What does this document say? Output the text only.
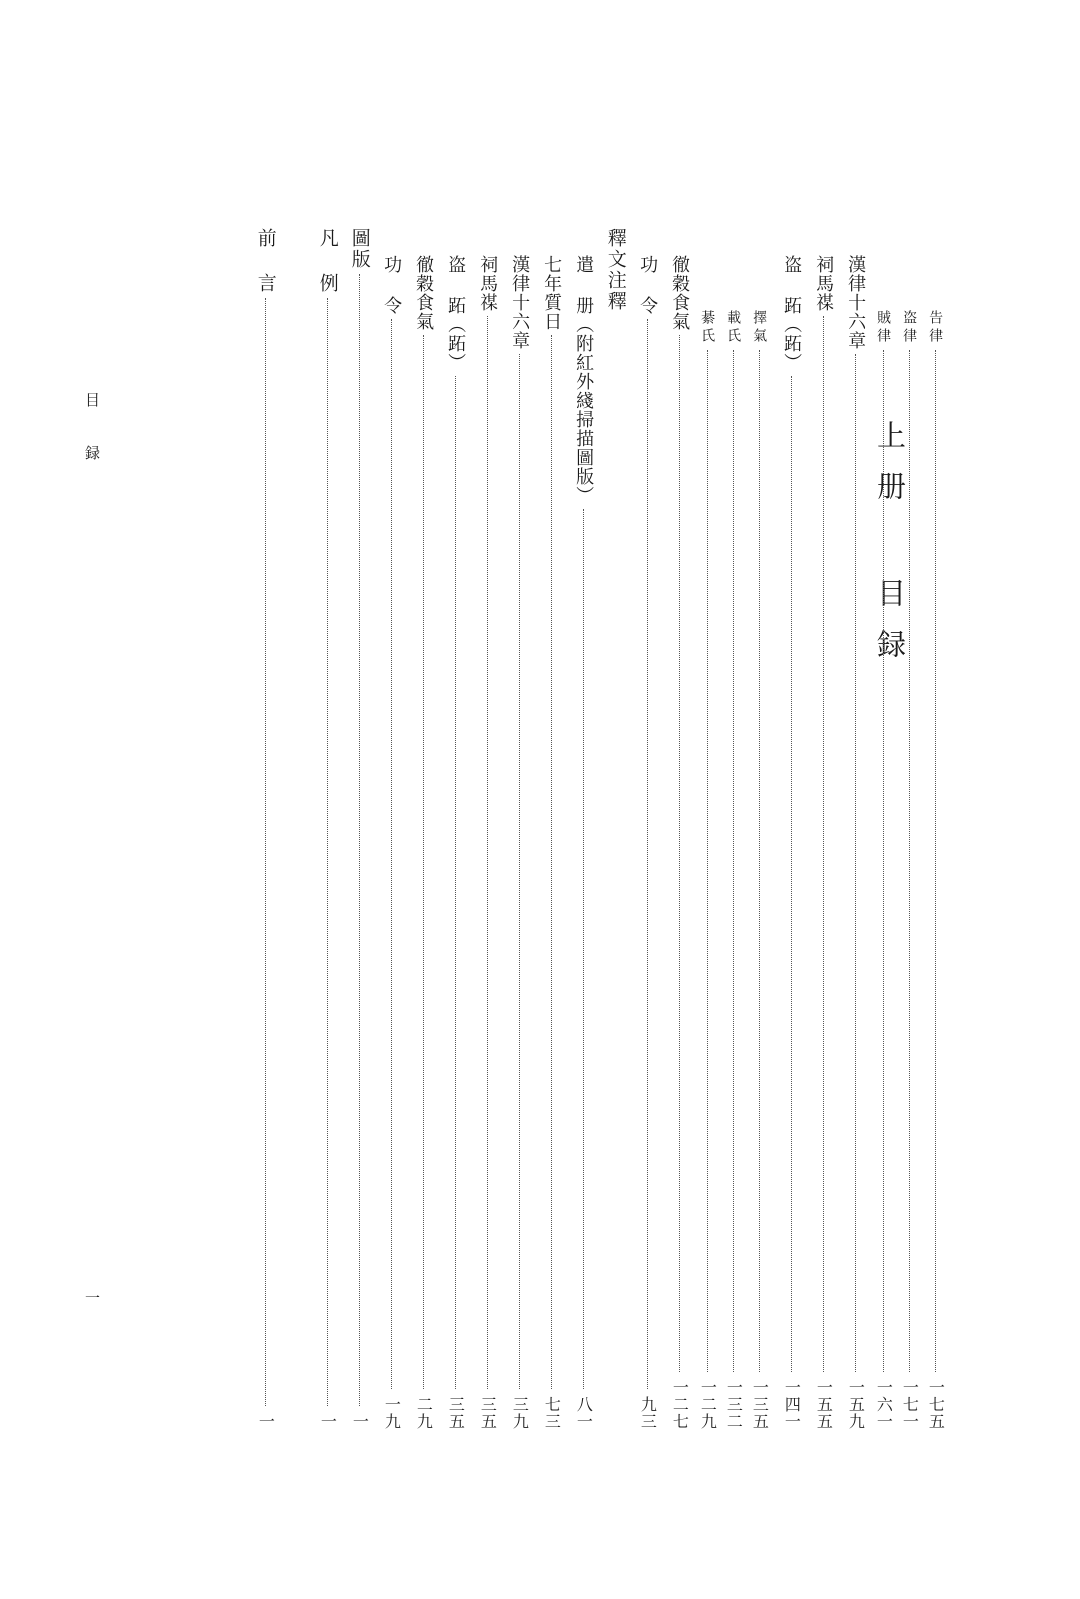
上册 目録
目 録
一
前 言
一
凡 例
一
圖版
一
功 令
一九
徹穀食氣
二九
盗 跖（跖）
三五
祠馬禖
三五
漢律十六章
三九
七年質日
七三
遣 册（附紅外綫掃描圖版）
八一
釋文注釋 功 令
九三
徹穀食氣
一二七
綦氏
一二九
載氏
一三二
擇氣
一三五
盗 跖（跖）
一四一
祠馬禖
一五五
漢律十六章
一五九
賊律
一六一
盗律
一七一
告律
一七五
